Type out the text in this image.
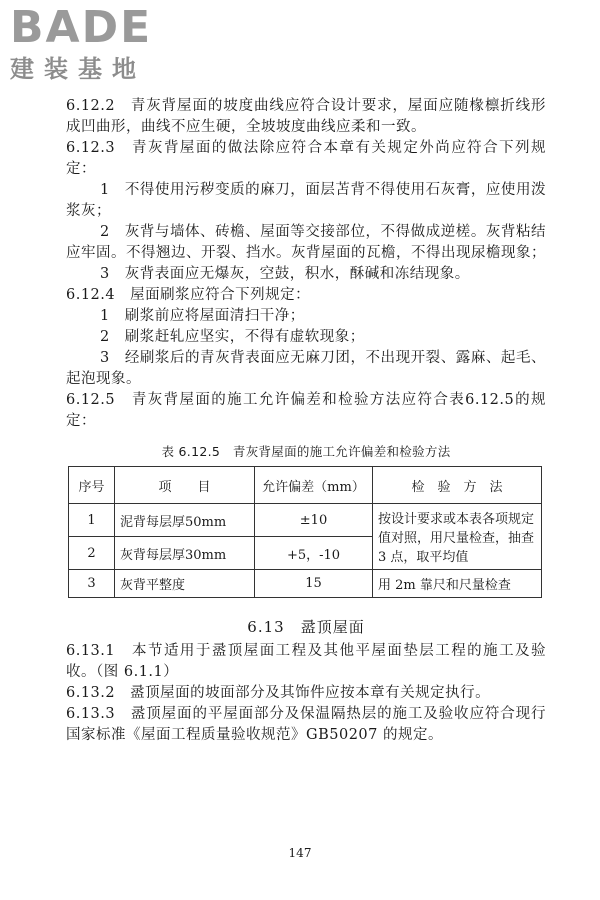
BADE
建装基地

6.12.2　青灰背屋面的坡度曲线应符合设计要求，屋面应随椽檩折线形成凹曲形，曲线不应生硬，全坡坡度曲线应柔和一致。

6.12.3　青灰背屋面的做法除应符合本章有关规定外尚应符合下列规定：

1　不得使用污秽变质的麻刀，面层苫背不得使用石灰膏，应使用泼浆灰；

2　灰背与墙体、砖檐、屋面等交接部位，不得做成逆槎。灰背粘结应牢固。不得翘边、开裂、挡水。灰背屋面的瓦檐，不得出现尿檐现象；

3　灰背表面应无爆灰，空鼓，积水，酥碱和冻结现象。

6.12.4　屋面刷浆应符合下列规定：

1　刷浆前应将屋面清扫干净；

2　刷浆赶轧应坚实，不得有虚软现象；

3　经刷浆后的青灰背表面应无麻刀团，不出现开裂、露麻、起毛、起泡现象。

6.12.5　青灰背屋面的施工允许偏差和检验方法应符合表6.12.5的规定：

表 6.12.5　青灰背屋面的施工允许偏差和检验方法
序号	项　　目	允许偏差（mm）	检　验　方　法
1	泥背每层厚50mm	±10	按设计要求或本表各项规定值对照，用尺量检查，抽查 3 点，取平均值
2	灰背每层厚30mm	+5，-10	
3	灰背平整度	15	用 2m 靠尺和尺量检查
6.13　盝顶屋面

6.13.1　本节适用于盝顶屋面工程及其他平屋面垫层工程的施工及验收。（图 6.1.1）

6.13.2　盝顶屋面的坡面部分及其饰件应按本章有关规定执行。

6.13.3　盝顶屋面的平屋面部分及保温隔热层的施工及验收应符合现行国家标准《屋面工程质量验收规范》GB50207 的规定。

147
